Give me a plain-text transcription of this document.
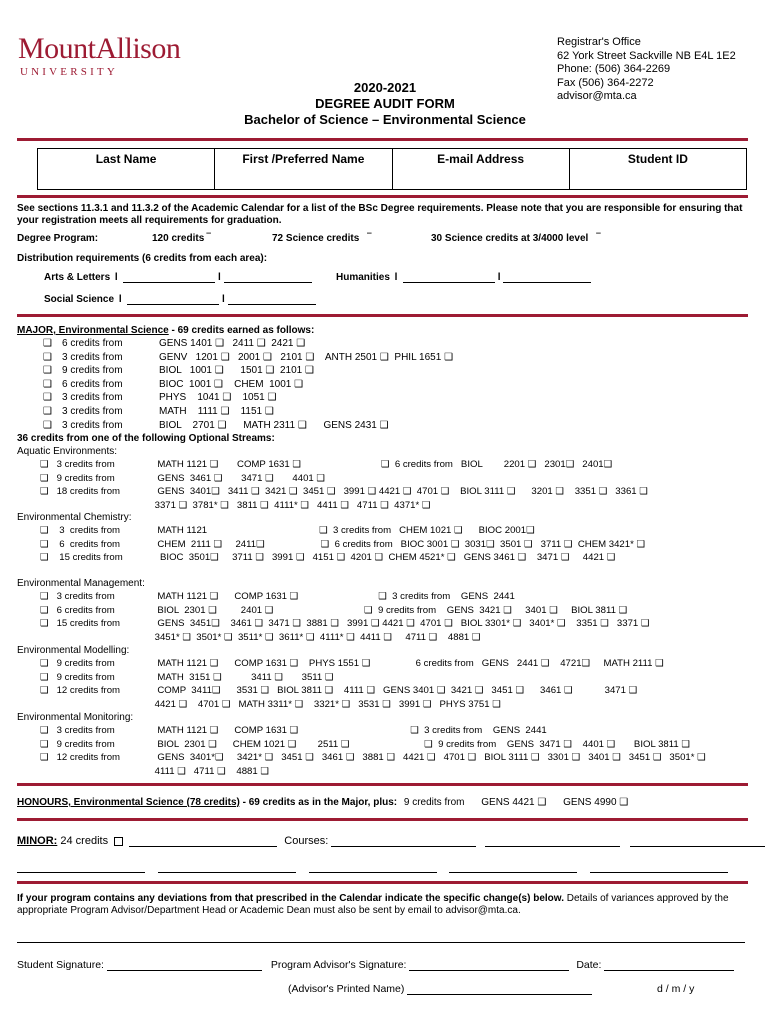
MountAllison
UNIVERSITY
Registrar's Office
62 York Street Sackville NB E4L 1E2
Phone: (506) 364-2269
Fax (506) 364-2272
advisor@mta.ca
2020-2021
DEGREE AUDIT FORM
Bachelor of Science – Environmental Science
Last Name	First /Preferred Name	E-mail Address	Student ID
See sections 11.3.1 and 11.3.2 of the Academic Calendar for a list of the BSc Degree requirements. Please note that you are responsible for ensuring that your registration meets all requirements for graduation.
Degree Program:	120 credits ‾	72 Science credits ‾	30 Science credits at 3/4000 level ‾
Distribution requirements (6 credits from each area):
Arts & Letters  l	l	Humanities  l	l
Social Science  l	l
MAJOR, Environmental Science - 69 credits earned as follows:
❑ 6 credits from	GENS 1401 ❑   2411 ❑  2421 ❑
❑ 3 credits from	GENV   1201 ❑   2001 ❑   2101 ❑    ANTH 2501 ❑  PHIL 1651 ❑
❑ 9 credits from	BIOL   1001 ❑      1501 ❑  2101 ❑
❑ 6 credits from	BIOC  1001 ❑    CHEM  1001 ❑
❑ 3 credits from	PHYS    1041 ❑    1051 ❑
❑ 3 credits from	MATH    1111 ❑    1151 ❑
❑ 3 credits from	BIOL    2701 ❑      MATH 2311 ❑      GENS 2431 ❑
36 credits from one of the following Optional Streams:
Aquatic Environments:
❑   3 credits from                MATH 1121 ❑       COMP 1631 ❑                              ❑  6 credits from   BIOL        2201 ❑   2301❑   2401❑
❑   9 credits from                GENS  3461 ❑       3471 ❑       4401 ❑
❑   18 credits from              GENS  3401❑   3411 ❑  3421 ❑  3451 ❑   3991 ❑ 4421 ❑  4701 ❑    BIOL 3111 ❑      3201 ❑    3351 ❑   3361 ❑
3371 ❑  3781* ❑   3811 ❑  4111* ❑   4411 ❑   4711 ❑  4371* ❑
Environmental Chemistry:
❑    3  credits from              MATH 1121                                          ❑  3 credits from   CHEM 1021 ❑      BIOC 2001❑
❑    6  credits from              CHEM  2111 ❑     2411❑                     ❑  6 credits from   BIOC 3001 ❑  3031❑  3501 ❑   3711 ❑  CHEM 3421* ❑
❑    15 credits from              BIOC  3501❑     3711 ❑   3991 ❑   4151 ❑  4201 ❑  CHEM 4521* ❑   GENS 3461 ❑    3471 ❑     4421 ❑
Environmental Management:
❑   3 credits from                MATH 1121 ❑      COMP 1631 ❑                              ❑  3 credits from    GENS  2441
❑   6 credits from                BIOL  2301 ❑         2401 ❑                                  ❑  9 credits from    GENS  3421 ❑     3401 ❑     BIOL 3811 ❑
❑   15 credits from              GENS  3451❑    3461 ❑  3471 ❑  3881 ❑   3991 ❑ 4421 ❑  4701 ❑   BIOL 3301* ❑   3401* ❑    3351 ❑   3371 ❑
3451* ❑  3501* ❑  3511* ❑  3611* ❑  4111* ❑  4411 ❑     4711 ❑    4881 ❑
Environmental Modelling:
❑   9 credits from                MATH 1121 ❑      COMP 1631 ❑    PHYS 1551 ❑                 6 credits from   GENS   2441 ❑    4721❑     MATH 2111 ❑
❑   9 credits from                MATH  3151 ❑           3411 ❑       3511 ❑
❑   12 credits from              COMP  3411❑      3531 ❑   BIOL 3811 ❑    4111 ❑   GENS 3401 ❑  3421 ❑   3451 ❑      3461 ❑            3471 ❑
4421 ❑    4701 ❑   MATH 3311* ❑    3321* ❑   3531 ❑   3991 ❑   PHYS 3751 ❑
Environmental Monitoring:
❑   3 credits from                MATH 1121 ❑      COMP 1631 ❑                                          ❑  3 credits from    GENS  2441
❑   9 credits from                BIOL  2301 ❑      CHEM 1021 ❑        2511 ❑                            ❑  9 credits from    GENS  3471 ❑    4401 ❑       BIOL 3811 ❑
❑   12 credits from              GENS  3401*❑     3421* ❑   3451 ❑   3461 ❑   3881 ❑   4421 ❑   4701 ❑   BIOL 3111 ❑   3301 ❑   3401 ❑   3451 ❑   3501* ❑
4111 ❑   4711 ❑    4881 ❑
HONOURS, Environmental Science (78 credits) - 69 credits as in the Major, plus: 9 credits from GENS 4421 ❑ GENS 4990 ❑
MINOR: 24 credits	Courses:

If your program contains any deviations from that prescribed in the Calendar indicate the specific change(s) below. Details of variances approved by the appropriate Program Advisor/Department Head or Academic Dean must also be sent by email to advisor@mta.ca.
Student Signature:	Program Advisor's Signature:	Date:
(Advisor's Printed Name)	d / m / y
